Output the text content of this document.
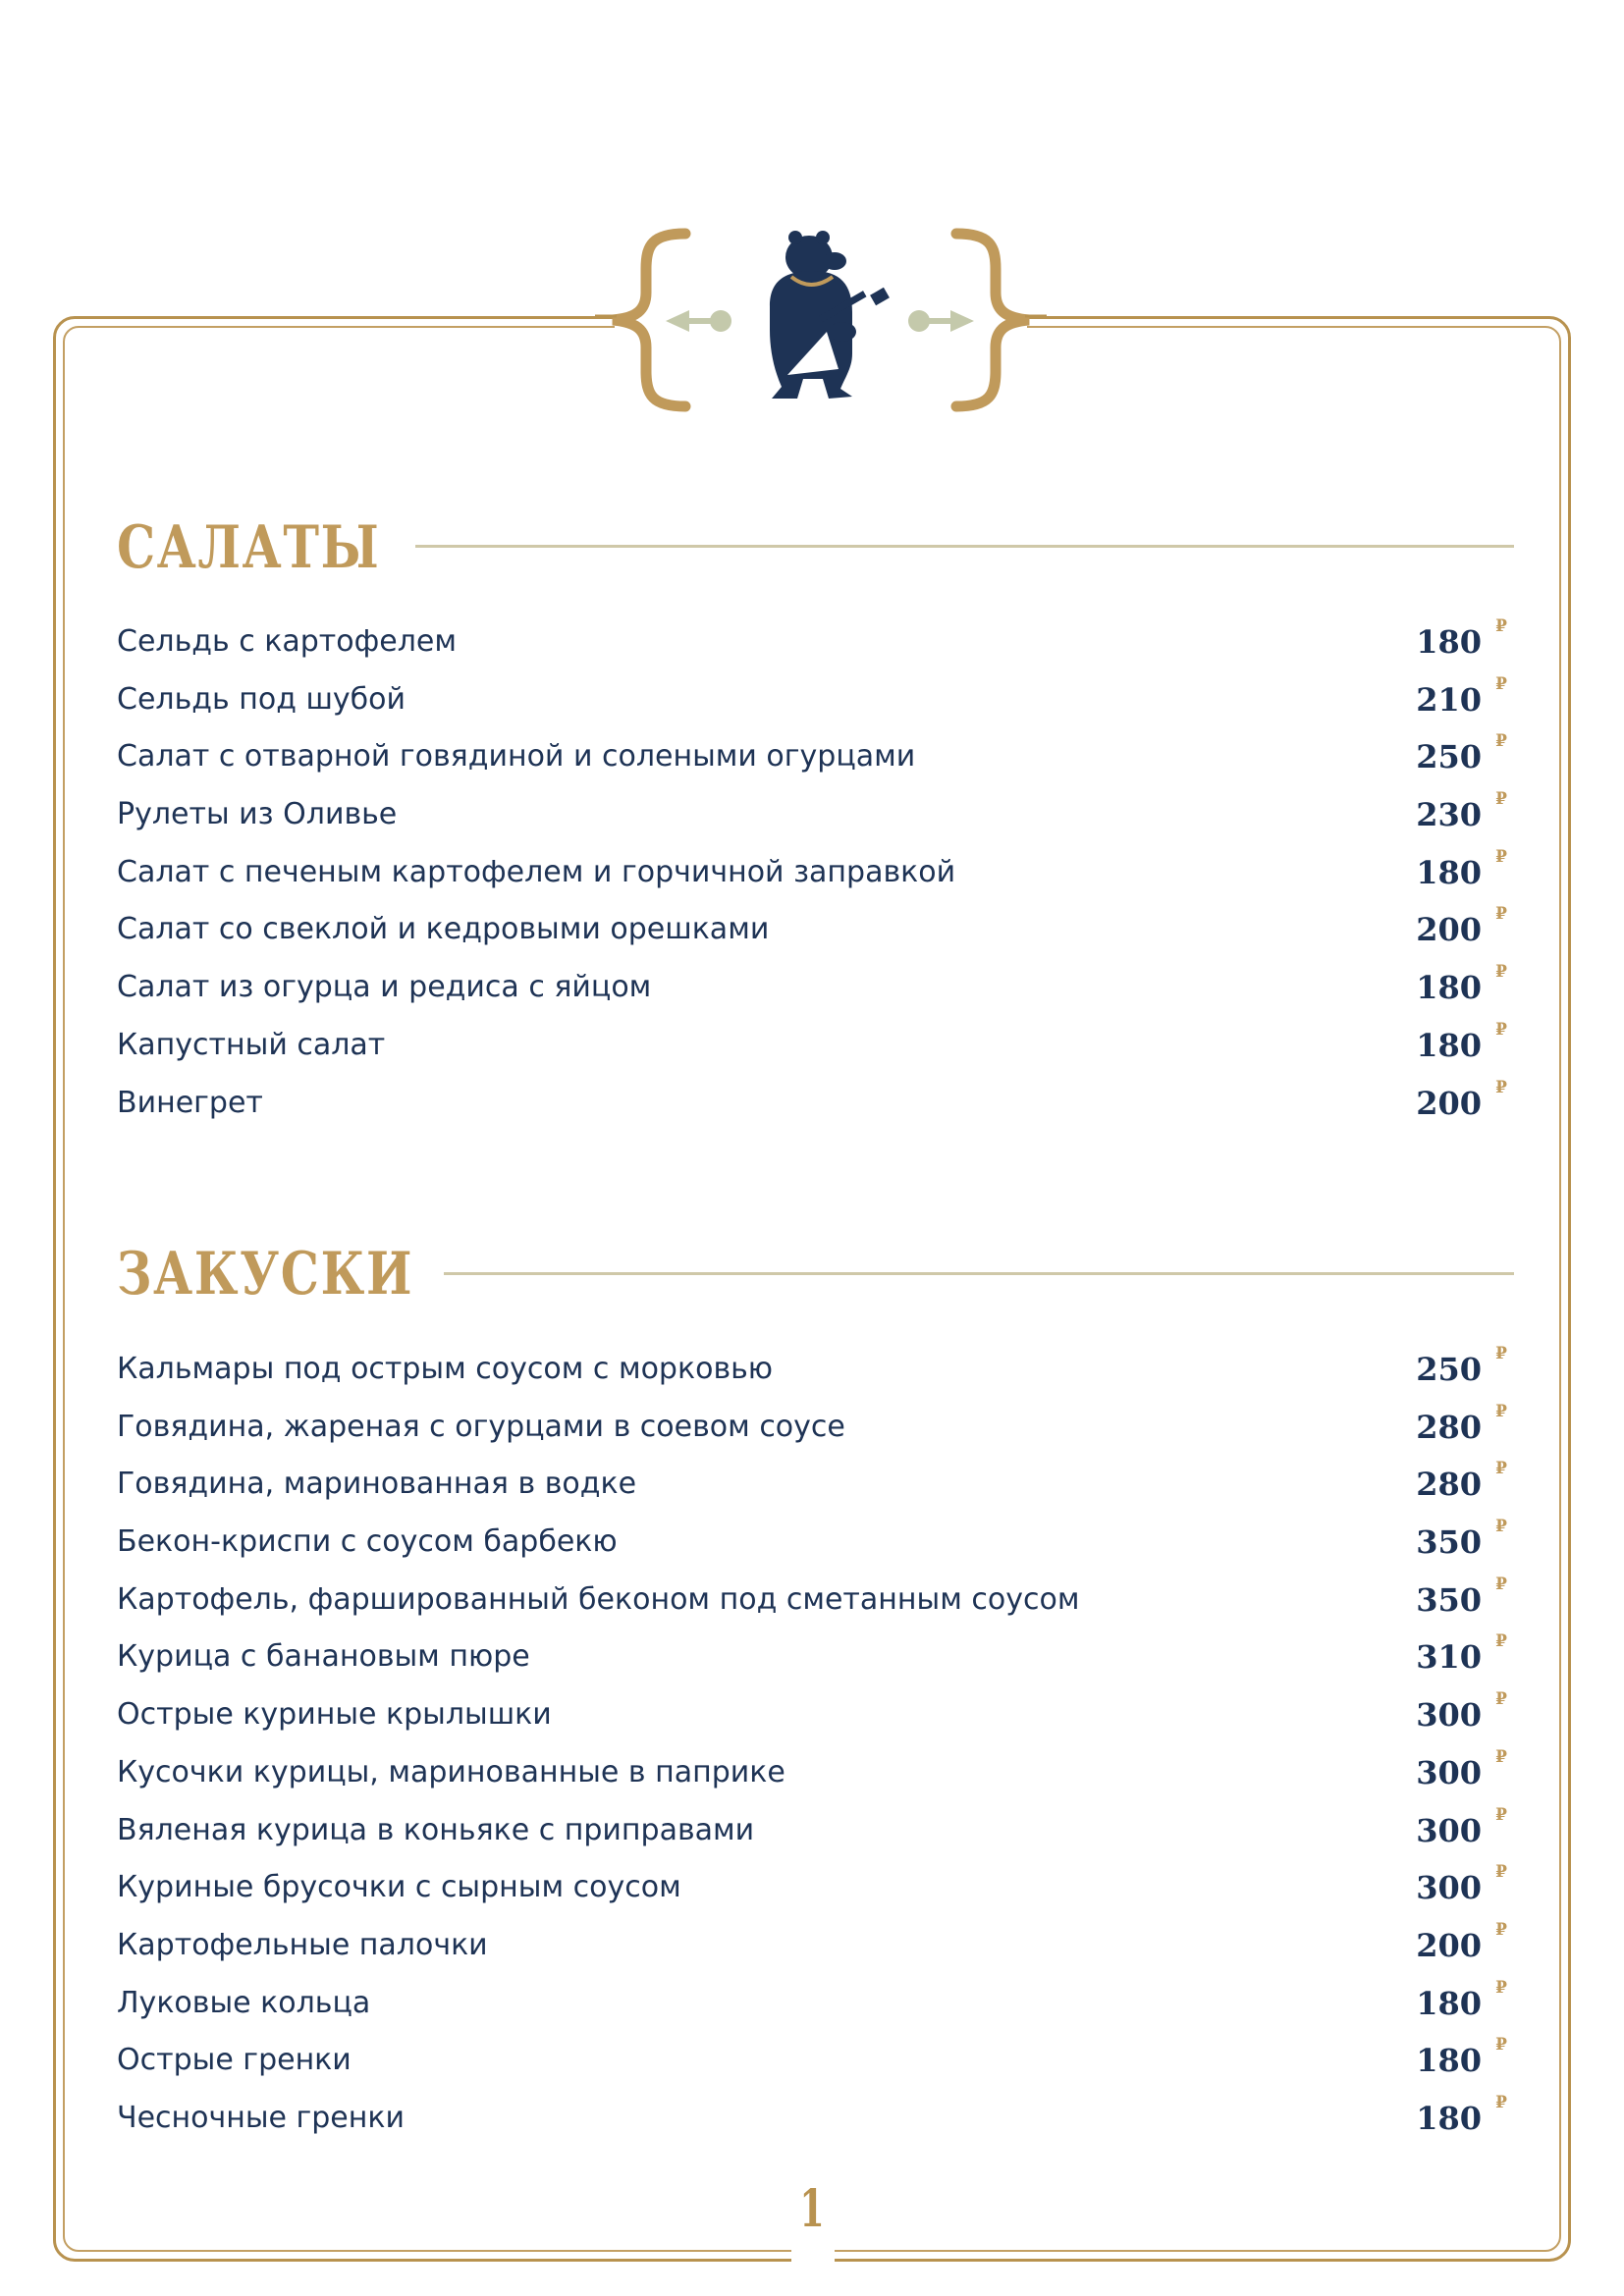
САЛАТЫ
Сельдь с картофелем	180 ₽
Сельдь под шубой	210 ₽
Салат с отварной говядиной и солеными огурцами	250 ₽
Рулеты из Оливье	230 ₽
Салат с печеным картофелем и горчичной заправкой	180 ₽
Салат со свеклой и кедровыми орешками	200 ₽
Салат из огурца и редиса с яйцом	180 ₽
Капустный салат	180 ₽
Винегрет	200 ₽
ЗАКУСКИ
Кальмары под острым соусом с морковью	250 ₽
Говядина, жареная с огурцами в соевом соусе	280 ₽
Говядина, маринованная в водке	280 ₽
Бекон-криспи с соусом барбекю	350 ₽
Картофель, фаршированный беконом под сметанным соусом	350 ₽
Курица с банановым пюре	310 ₽
Острые куриные крылышки	300 ₽
Кусочки курицы, маринованные в паприке	300 ₽
Вяленая курица в коньяке с приправами	300 ₽
Куриные брусочки с сырным соусом	300 ₽
Картофельные палочки	200 ₽
Луковые кольца	180 ₽
Острые гренки	180 ₽
Чесночные гренки	180 ₽
1
